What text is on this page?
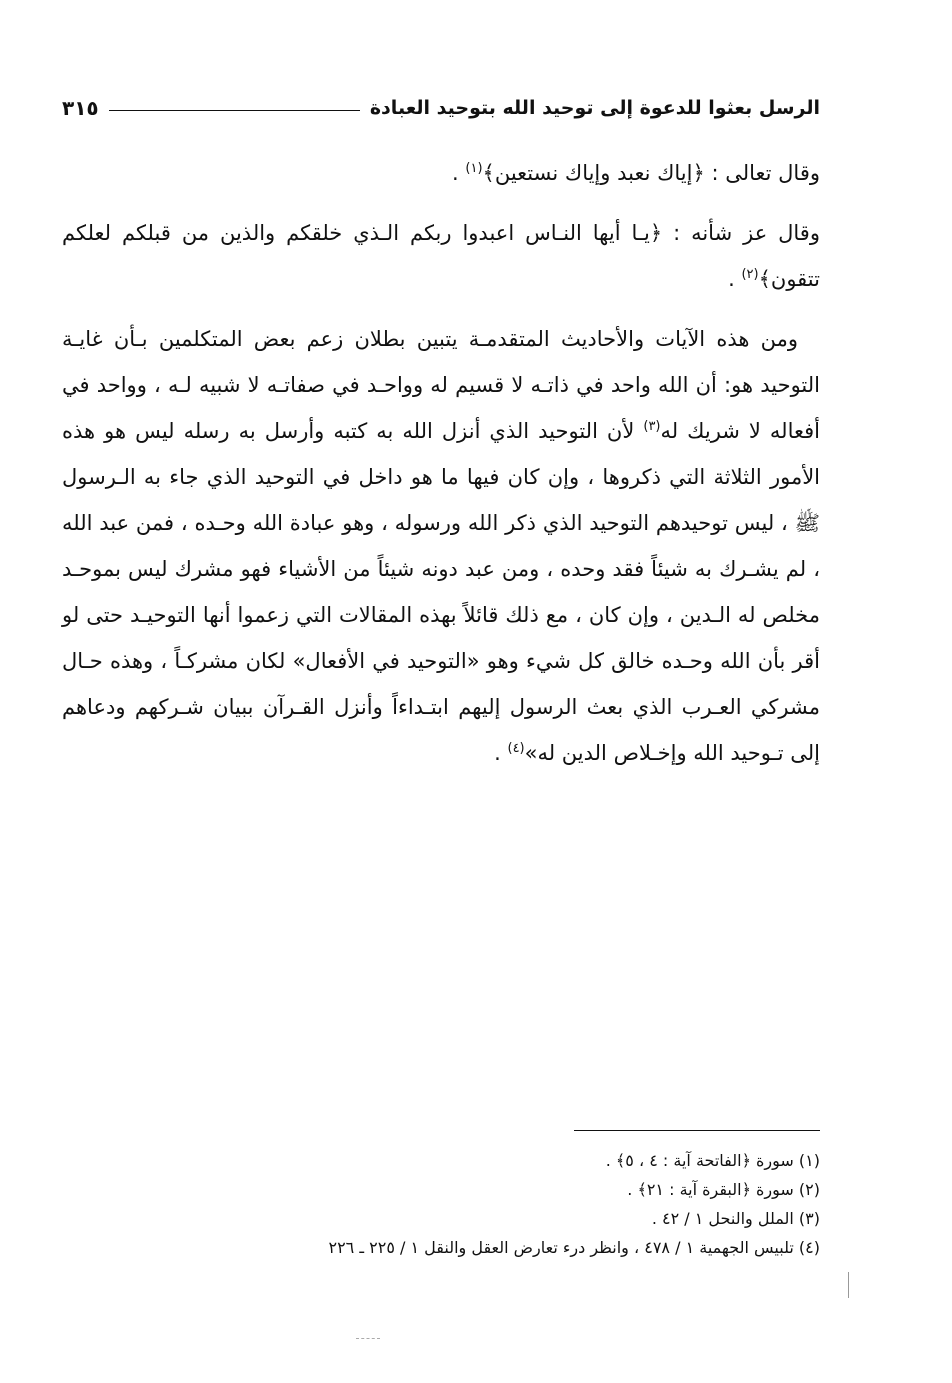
الرسل بعثوا للدعوة إلى توحيد الله بتوحيد العبادة
٣١٥

وقال تعالى : ﴿إياك نعبد وإياك نستعين﴾$^{(١)}$ .

وقال عز شأنه : ﴿يـا أيها النـاس اعبدوا ربكم الـذي خلقكم والذين من قبلكم لعلكم تتقون﴾$^{(٢)}$ .

ومن هذه الآيات والأحاديث المتقدمـة يتبين بطلان زعم بعض المتكلمين بـأن غايـة التوحيد هو: أن الله واحد في ذاتـه لا قسيم له وواحـد في صفاتـه لا شبيه لـه ، وواحد في أفعاله لا شريك له$^{(٣)}$ لأن التوحيد الذي أنزل الله به كتبه وأرسل به رسله ليس هو هذه الأمور الثلاثة التي ذكروها ، وإن كان فيها ما هو داخل في التوحيد الذي جاء به الـرسول ﷺ ، ليس توحيدهم التوحيد الذي ذكر الله ورسوله ، وهو عبادة الله وحـده ، فمن عبد الله ، لم يشـرك به شيئاً فقد وحده ، ومن عبد دونه شيئاً من الأشياء فهو مشرك ليس بموحـد مخلص له الـدين ، وإن كان ، مع ذلك قائلاً بهذه المقالات التي زعموا أنها التوحيـد حتى لو أقر بأن الله وحـده خالق كل شيء وهو «التوحيد في الأفعال» لكان مشركـاً ، وهذه حـال مشركي العـرب الذي بعث الرسول إليهم ابتـداءاً وأنزل القـرآن ببيان شـركهم ودعاهم إلى تـوحيد الله وإخـلاص الدين له»$^{(٤)}$ .

(١) سورة ﴿الفاتحة آية : ٤ ، ٥﴾ .
(٢) سورة ﴿البقرة آية : ٢١﴾ .
(٣) الملل والنحل ١ / ٤٢ .
(٤) تلبيس الجهمية ١ / ٤٧٨ ، وانظر درء تعارض العقل والنقل ١ / ٢٢٥ ـ ٢٢٦
